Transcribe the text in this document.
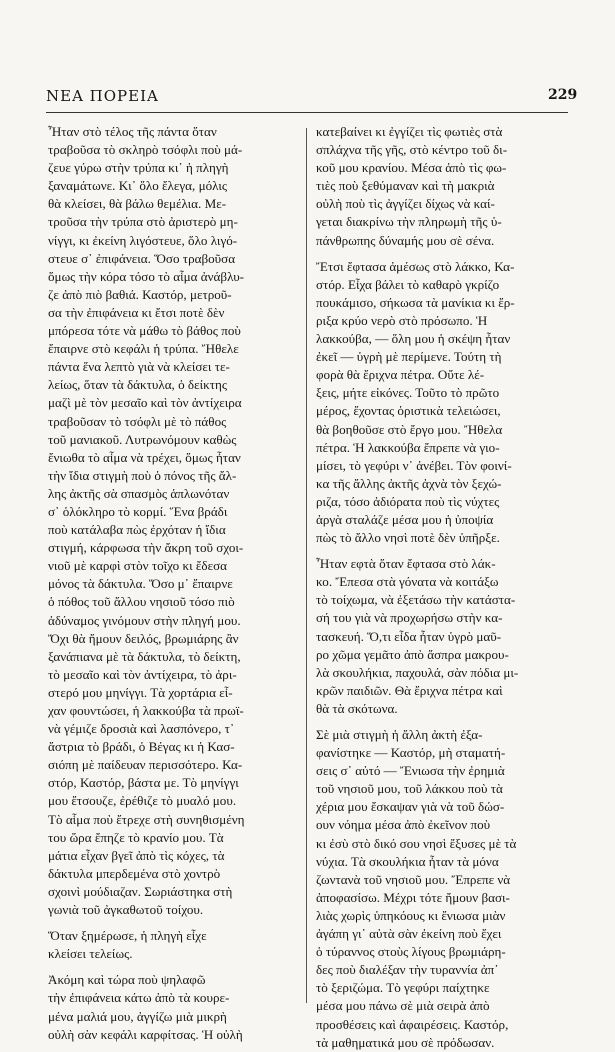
ΝΕΑ ΠΟΡΕΙΑ	229
Ἦταν στὸ τέλος τῆς πάντα ὅταν
τραβοῦσα τὸ σκληρὸ τσόφλι ποὺ μά-
ζευε γύρω στὴν τρύπα κι᾽ ἡ πληγὴ
ξαναμάτωνε. Κι᾽ ὅλο ἔλεγα, μόλις
θὰ κλείσει, θὰ βάλω θεμέλια. Με-
τροῦσα τὴν τρύπα στὸ ἀριστερὸ μη-
νίγγι, κι ἐκείνη λιγόστευε, ὅλο λιγό-
στευε σ᾽ ἐπιφάνεια. Ὅσο τραβοῦσα
ὅμως τὴν κόρα τόσο τὸ αἷμα ἀνάβλυ-
ζε ἀπὸ πιὸ βαθιά. Καστόρ, μετροῦ-
σα τὴν ἐπιφάνεια κι ἔτσι ποτὲ δὲν
μπόρεσα τότε νὰ μάθω τὸ βάθος ποὺ
ἔπαιρνε στὸ κεφάλι ἡ τρύπα. Ἤθελε
πάντα ἕνα λεπτὸ γιὰ νὰ κλείσει τε-
λείως, ὅταν τὰ δάκτυλα, ὁ δείκτης
μαζὶ μὲ τὸν μεσαῖο καὶ τὸν ἀντίχειρα
τραβοῦσαν τὸ τσόφλι μὲ τὸ πάθος
τοῦ μανιακοῦ. Λυτρωνόμουν καθὼς
ἔνιωθα τὸ αἷμα νὰ τρέχει, ὅμως ἦταν
τὴν ἴδια στιγμὴ ποὺ ὁ πόνος τῆς ἄλ-
λης ἀκτῆς σὰ σπασμὸς ἁπλωνόταν
σ᾽ ὁλόκληρο τὸ κορμί. Ἕνα βράδι
ποὺ κατάλαβα πὼς ἐρχόταν ἡ ἴδια
στιγμή, κάρφωσα τὴν ἄκρη τοῦ σχοι-
νιοῦ μὲ καρφὶ στὸν τοῖχο κι ἔδεσα
μόνος τὰ δάκτυλα. Ὅσο μ᾽ ἔπαιρνε
ὁ πόθος τοῦ ἄλλου νησιοῦ τόσο πιὸ
ἀδύναμος γινόμουν στὴν πληγή μου.
Ὄχι θὰ ἤμουν δειλός, βρωμιάρης ἂν
ξανάπιανα μὲ τὰ δάκτυλα, τὸ δείκτη,
τὸ μεσαῖο καὶ τὸν ἀντίχειρα, τὸ ἀρι-
στερό μου μηνίγγι. Τὰ χορτάρια εἶ-
χαν φουντώσει, ἡ λακκούβα τὰ πρωϊ-
νὰ γέμιζε δροσιὰ καὶ λασπόνερο, τ᾽
ἄστρια τὸ βράδι, ὁ Βέγας κι ἡ Κασ-
σιόπη μὲ παίδευαν περισσότερο. Κα-
στόρ, Καστόρ, βάστα με. Τὸ μηνίγγι
μου ἔτσουζε, ἐρέθιζε τὸ μυαλό μου.
Τὸ αἷμα ποὺ ἔτρεχε στὴ συνηθισμένη
του ὥρα ἔπηζε τὸ κρανίο μου. Τὰ
μάτια εἶχαν βγεῖ ἀπὸ τὶς κόχες, τὰ
δάκτυλα μπερδεμένα στὸ χοντρὸ
σχοινὶ μούδιαζαν. Σωριάστηκα στὴ
γωνιὰ τοῦ ἀγκαθωτοῦ τοίχου.
Ὅταν ξημέρωσε, ἡ πληγὴ εἶχε
κλείσει τελείως.
Ἀκόμη καὶ τώρα ποὺ ψηλαφῶ
τὴν ἐπιφάνεια κάτω ἀπὸ τὰ κουρε-
μένα μαλιά μου, ἀγγίζω μιὰ μικρὴ
οὐλὴ σὰν κεφάλι καρφίτσας. Ἡ οὐλὴ
κατεβαίνει κι ἐγγίζει τὶς φωτιὲς στὰ
σπλάχνα τῆς γῆς, στὸ κέντρο τοῦ δι-
κοῦ μου κρανίου. Μέσα ἀπὸ τὶς φω-
τιὲς ποὺ ξεθύμαναν καὶ τὴ μακριὰ
οὐλὴ ποὺ τὶς ἀγγίζει δίχως νὰ καί-
γεται διακρίνω τὴν πληρωμὴ τῆς ὑ-
πάνθρωπης δύναμής μου σὲ σένα.
Ἔτσι ἔφτασα ἀμέσως στὸ λάκκο, Κα-
στόρ. Εἶχα βάλει τὸ καθαρὸ γκρίζο
πουκάμισο, σήκωσα τὰ μανίκια κι ἔρ-
ριξα κρύο νερὸ στὸ πρόσωπο. Ἡ
λακκούβα, — ὅλη μου ἡ σκέψη ἦταν
ἐκεῖ — ὑγρὴ μὲ περίμενε. Τούτη τὴ
φορὰ θὰ ἔριχνα πέτρα. Οὔτε λέ-
ξεις, μήτε εἰκόνες. Τοῦτο τὸ πρῶτο
μέρος, ἔχοντας ὁριστικὰ τελειώσει,
θὰ βοηθοῦσε στὸ ἔργο μου. Ἤθελα
πέτρα. Ἡ λακκούβα ἔπρεπε νὰ γιο-
μίσει, τὸ γεφύρι ν᾽ ἀνέβει. Τὸν φοινί-
κα τῆς ἄλλης ἀκτῆς ἀχνὰ τὸν ξεχώ-
ριζα, τόσο ἀδιόρατα ποὺ τὶς νύχτες
ἀργὰ σταλάζε μέσα μου ἡ ὑποψία
πὼς τὸ ἄλλο νησὶ ποτὲ δὲν ὑπῆρξε.
Ἦταν εφτὰ ὅταν ἔφτασα στὸ λάκ-
κο. Ἔπεσα στὰ γόνατα νὰ κοιτάξω
τὸ τοίχωμα, νὰ ἐξετάσω τὴν κατάστα-
σή του γιὰ νὰ προχωρήσω στὴν κα-
τασκευή. Ὅ,τι εἶδα ἦταν ὑγρὸ μαῦ-
ρο χῶμα γεμᾶτο ἀπὸ ἄσπρα μακρου-
λὰ σκουλήκια, παχουλά, σὰν πόδια μι-
κρῶν παιδιῶν. Θὰ ἔριχνα πέτρα καὶ
θὰ τὰ σκότωνα.
Σὲ μιὰ στιγμὴ ἡ ἄλλη ἀκτὴ ἐξα-
φανίστηκε — Καστόρ, μὴ σταματή-
σεις σ᾽ αὐτό — Ἔνιωσα τὴν ἐρημιὰ
τοῦ νησιοῦ μου, τοῦ λάκκου ποὺ τὰ
χέρια μου ἔσκαψαν γιὰ νὰ τοῦ δώσ-
ουν νόημα μέσα ἀπὸ ἐκεῖνον ποὺ
κι ἐσὺ στὸ δικό σου νησὶ ἔξυσες μὲ τὰ
νύχια. Τὰ σκουλήκια ἦταν τὰ μόνα
ζωντανὰ τοῦ νησιοῦ μου. Ἔπρεπε νὰ
ἀποφασίσω. Μέχρι τότε ἤμουν βασι-
λιὰς χωρὶς ὑπηκόους κι ἔνιωσα μιὰν
ἀγάπη γι᾽ αὐτὰ σὰν ἐκείνη ποὺ ἔχει
ὁ τύραννος στοὺς λίγους βρωμιάρη-
δες ποὺ διαλέξαν τὴν τυραννία ἀπ᾽
τὸ ξεριζώμα. Τὸ γεφύρι παίχτηκε
μέσα μου πάνω σὲ μιὰ σειρὰ ἀπὸ
προσθέσεις καὶ ἀφαιρέσεις. Καστόρ,
τὰ μαθηματικά μου σὲ πρόδωσαν.
